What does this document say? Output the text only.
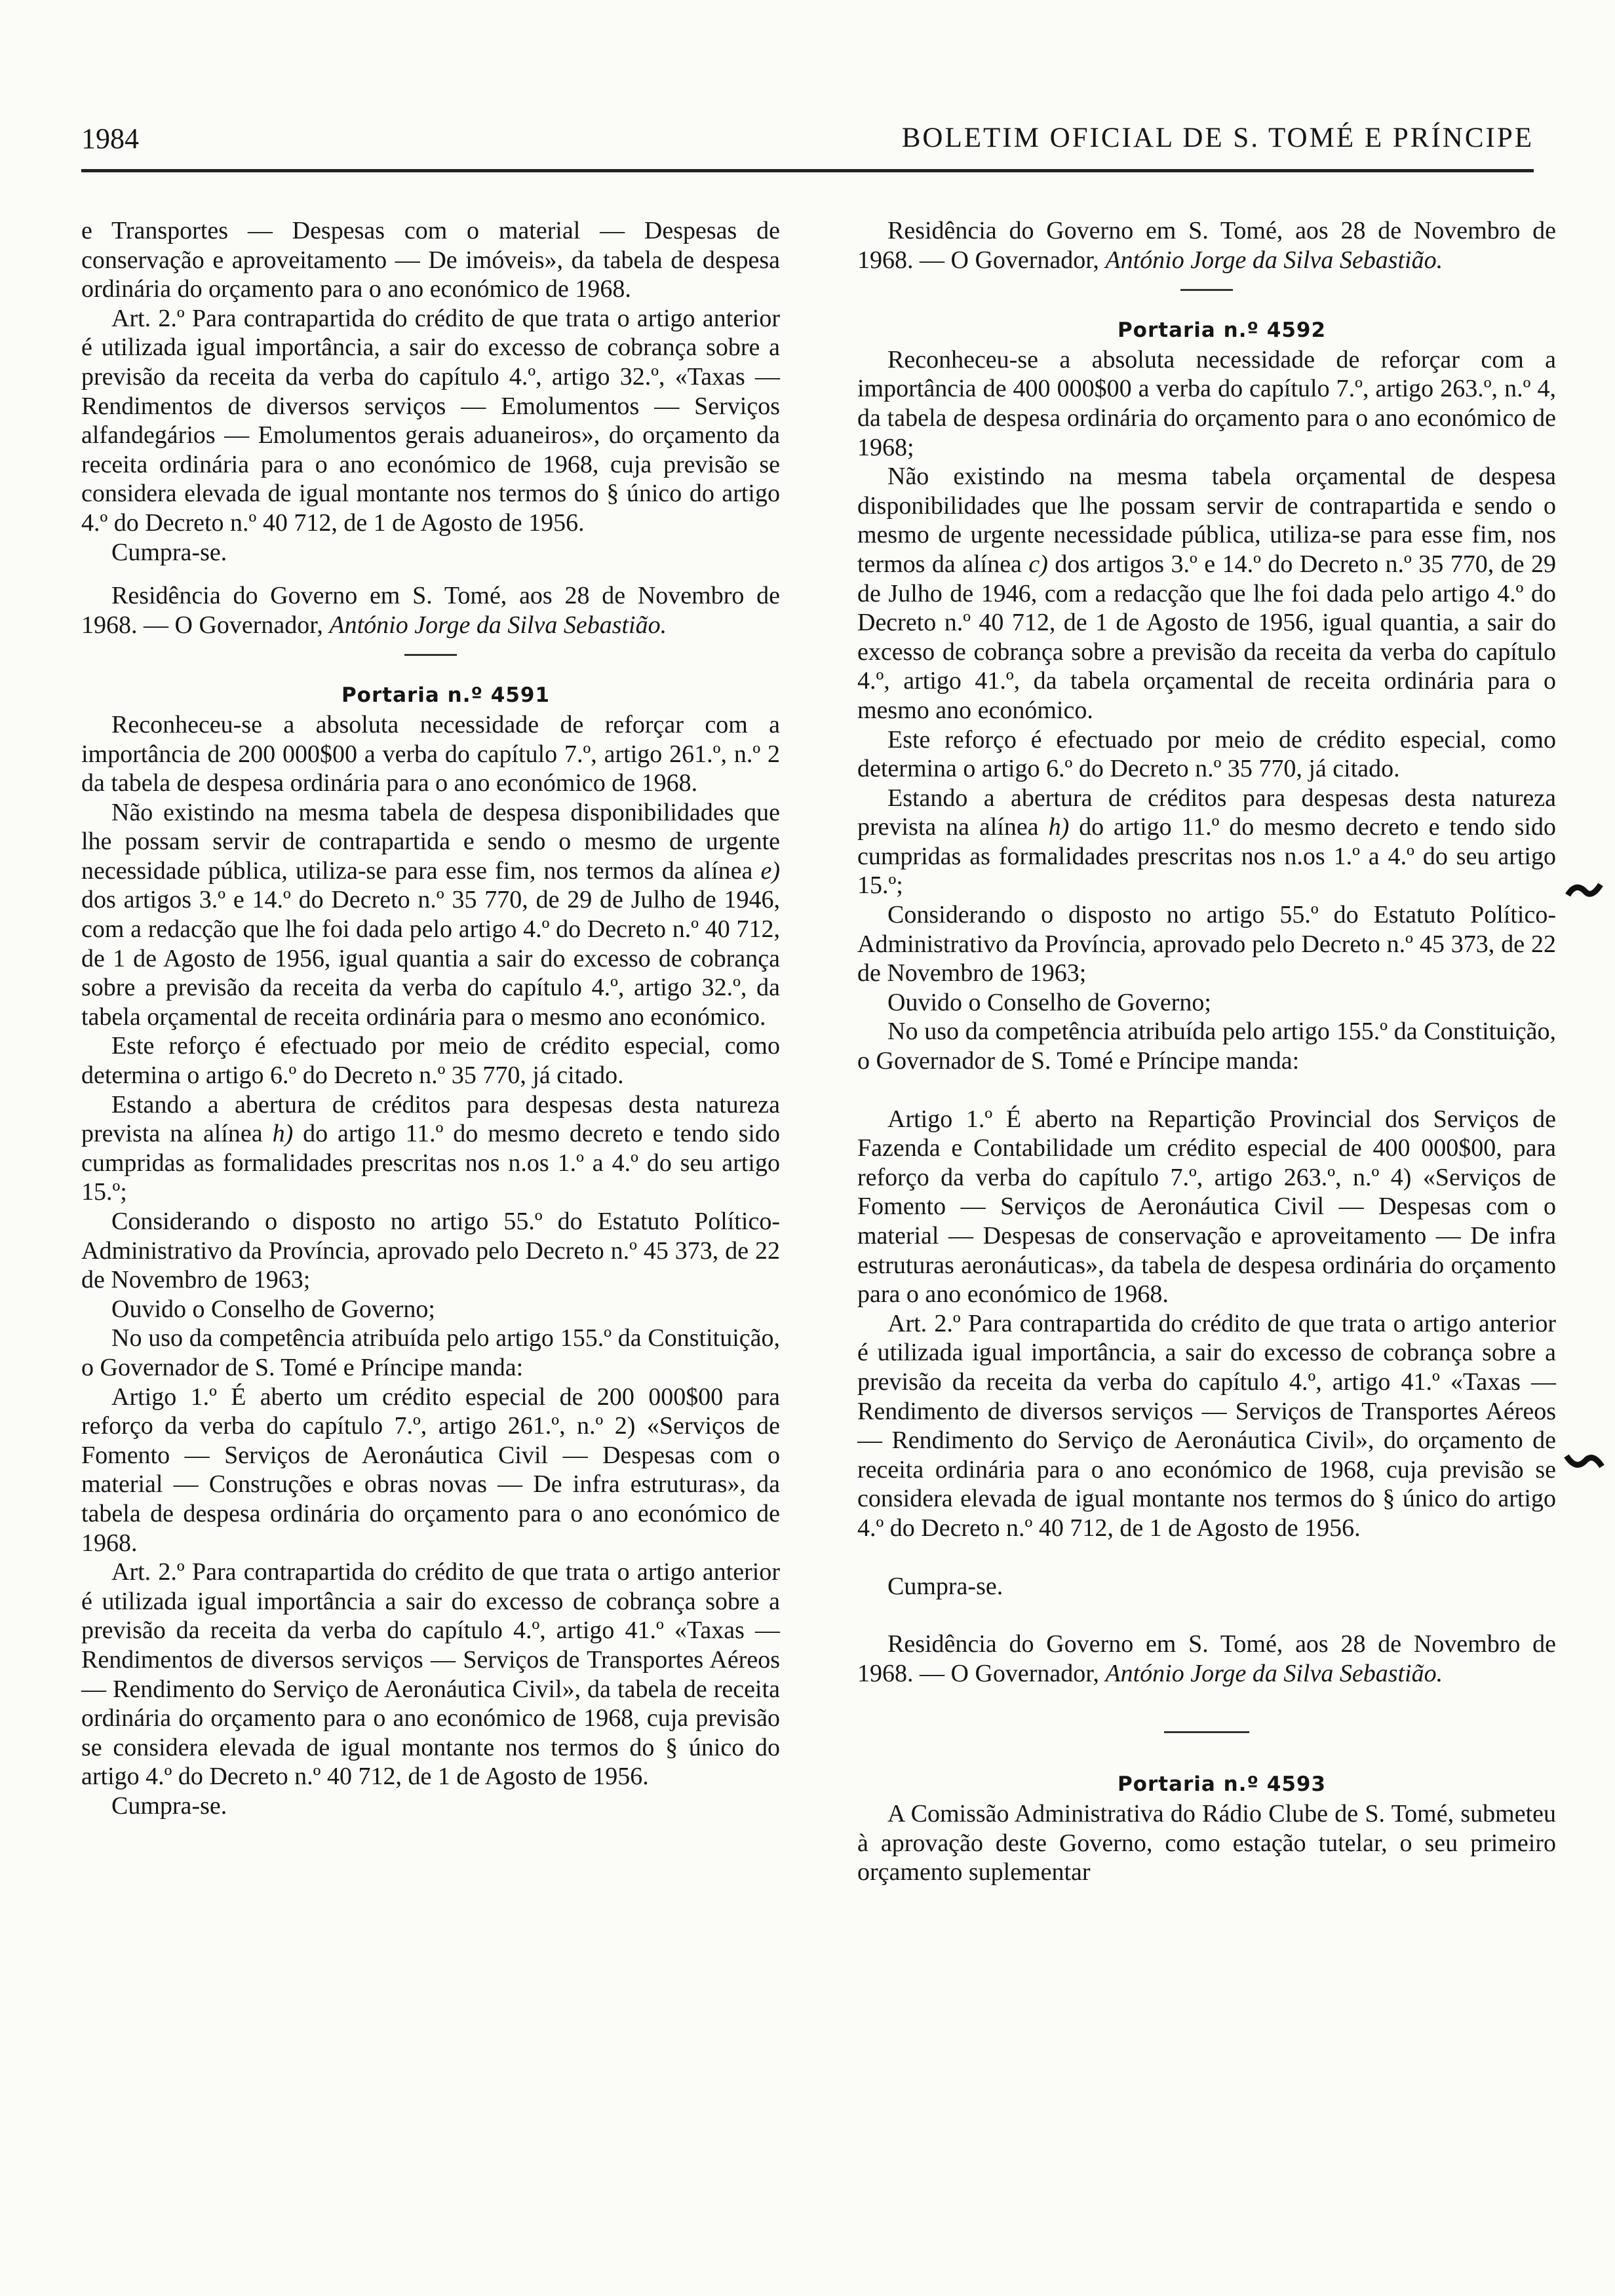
1984	BOLETIM OFICIAL DE S. TOMÉ E PRÍNCIPE

e Transportes — Despesas com o material — Despesas de conservação e aproveitamento — De imóveis», da tabela de despesa ordinária do orçamento para o ano económico de 1968.

Art. 2.º Para contrapartida do crédito de que trata o artigo anterior é utilizada igual importância, a sair do excesso de cobrança sobre a previsão da receita da verba do capítulo 4.º, artigo 32.º, «Taxas — Rendimentos de diversos serviços — Emolumentos — Serviços alfandegários — Emolumentos gerais aduaneiros», do orçamento da receita ordinária para o ano económico de 1968, cuja previsão se considera elevada de igual montante nos termos do § único do artigo 4.º do Decreto n.º 40 712, de 1 de Agosto de 1956.

Cumpra-se.

Residência do Governo em S. Tomé, aos 28 de Novembro de 1968. — O Governador, António Jorge da Silva Sebastião.

Portaria n.º 4591

Reconheceu-se a absoluta necessidade de reforçar com a importância de 200 000$00 a verba do capítulo 7.º, artigo 261.º, n.º 2 da tabela de despesa ordinária para o ano económico de 1968.

Não existindo na mesma tabela de despesa disponibilidades que lhe possam servir de contrapartida e sendo o mesmo de urgente necessidade pública, utiliza-se para esse fim, nos termos da alínea e) dos artigos 3.º e 14.º do Decreto n.º 35 770, de 29 de Julho de 1946, com a redacção que lhe foi dada pelo artigo 4.º do Decreto n.º 40 712, de 1 de Agosto de 1956, igual quantia a sair do excesso de cobrança sobre a previsão da receita da verba do capítulo 4.º, artigo 32.º, da tabela orçamental de receita ordinária para o mesmo ano económico.

Este reforço é efectuado por meio de crédito especial, como determina o artigo 6.º do Decreto n.º 35 770, já citado.

Estando a abertura de créditos para despesas desta natureza prevista na alínea h) do artigo 11.º do mesmo decreto e tendo sido cumpridas as formalidades prescritas nos n.os 1.º a 4.º do seu artigo 15.º;

Considerando o disposto no artigo 55.º do Estatuto Político-Administrativo da Província, aprovado pelo Decreto n.º 45 373, de 22 de Novembro de 1963;

Ouvido o Conselho de Governo;

No uso da competência atribuída pelo artigo 155.º da Constituição, o Governador de S. Tomé e Príncipe manda:

Artigo 1.º É aberto um crédito especial de 200 000$00 para reforço da verba do capítulo 7.º, artigo 261.º, n.º 2) «Serviços de Fomento — Serviços de Aeronáutica Civil — Despesas com o material — Construções e obras novas — De infra estruturas», da tabela de despesa ordinária do orçamento para o ano económico de 1968.

Art. 2.º Para contrapartida do crédito de que trata o artigo anterior é utilizada igual importância a sair do excesso de cobrança sobre a previsão da receita da verba do capítulo 4.º, artigo 41.º «Taxas — Rendimentos de diversos serviços — Serviços de Transportes Aéreos — Rendimento do Serviço de Aeronáutica Civil», da tabela de receita ordinária do orçamento para o ano económico de 1968, cuja previsão se considera elevada de igual montante nos termos do § único do artigo 4.º do Decreto n.º 40 712, de 1 de Agosto de 1956.

Cumpra-se.

Residência do Governo em S. Tomé, aos 28 de Novembro de 1968. — O Governador, António Jorge da Silva Sebastião.

Portaria n.º 4592

Reconheceu-se a absoluta necessidade de reforçar com a importância de 400 000$00 a verba do capítulo 7.º, artigo 263.º, n.º 4, da tabela de despesa ordinária do orçamento para o ano económico de 1968;

Não existindo na mesma tabela orçamental de despesa disponibilidades que lhe possam servir de contrapartida e sendo o mesmo de urgente necessidade pública, utiliza-se para esse fim, nos termos da alínea c) dos artigos 3.º e 14.º do Decreto n.º 35 770, de 29 de Julho de 1946, com a redacção que lhe foi dada pelo artigo 4.º do Decreto n.º 40 712, de 1 de Agosto de 1956, igual quantia, a sair do excesso de cobrança sobre a previsão da receita da verba do capítulo 4.º, artigo 41.º, da tabela orçamental de receita ordinária para o mesmo ano económico.

Este reforço é efectuado por meio de crédito especial, como determina o artigo 6.º do Decreto n.º 35 770, já citado.

Estando a abertura de créditos para despesas desta natureza prevista na alínea h) do artigo 11.º do mesmo decreto e tendo sido cumpridas as formalidades prescritas nos n.os 1.º a 4.º do seu artigo 15.º;

Considerando o disposto no artigo 55.º do Estatuto Político-Administrativo da Província, aprovado pelo Decreto n.º 45 373, de 22 de Novembro de 1963;

Ouvido o Conselho de Governo;

No uso da competência atribuída pelo artigo 155.º da Constituição, o Governador de S. Tomé e Príncipe manda:

Artigo 1.º É aberto na Repartição Provincial dos Serviços de Fazenda e Contabilidade um crédito especial de 400 000$00, para reforço da verba do capítulo 7.º, artigo 263.º, n.º 4) «Serviços de Fomento — Serviços de Aeronáutica Civil — Despesas com o material — Despesas de conservação e aproveitamento — De infra estruturas aeronáuticas», da tabela de despesa ordinária do orçamento para o ano económico de 1968.

Art. 2.º Para contrapartida do crédito de que trata o artigo anterior é utilizada igual importância, a sair do excesso de cobrança sobre a previsão da receita da verba do capítulo 4.º, artigo 41.º «Taxas — Rendimento de diversos serviços — Serviços de Transportes Aéreos — Rendimento do Serviço de Aeronáutica Civil», do orçamento de receita ordinária para o ano económico de 1968, cuja previsão se considera elevada de igual montante nos termos do § único do artigo 4.º do Decreto n.º 40 712, de 1 de Agosto de 1956.

Cumpra-se.

Residência do Governo em S. Tomé, aos 28 de Novembro de 1968. — O Governador, António Jorge da Silva Sebastião.

Portaria n.º 4593

A Comissão Administrativa do Rádio Clube de S. Tomé, submeteu à aprovação deste Governo, como estação tutelar, o seu primeiro orçamento suplementar
